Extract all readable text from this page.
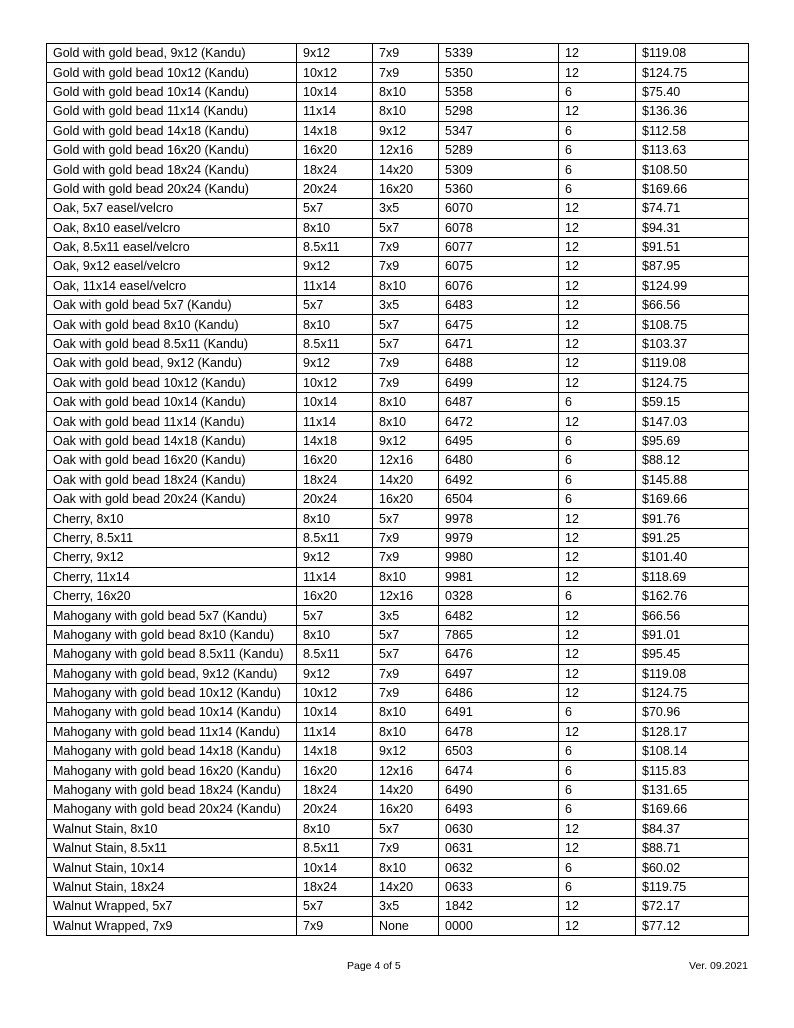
Gold with gold bead, 9x12 (Kandu)	9x12	7x9	5339	12	$119.08
Gold with gold bead 10x12 (Kandu)	10x12	7x9	5350	12	$124.75
Gold with gold bead 10x14 (Kandu)	10x14	8x10	5358	6	$75.40
Gold with gold bead 11x14 (Kandu)	11x14	8x10	5298	12	$136.36
Gold with gold bead 14x18 (Kandu)	14x18	9x12	5347	6	$112.58
Gold with gold bead 16x20 (Kandu)	16x20	12x16	5289	6	$113.63
Gold with gold bead 18x24 (Kandu)	18x24	14x20	5309	6	$108.50
Gold with gold bead 20x24 (Kandu)	20x24	16x20	5360	6	$169.66
Oak, 5x7 easel/velcro	5x7	3x5	6070	12	$74.71
Oak, 8x10 easel/velcro	8x10	5x7	6078	12	$94.31
Oak, 8.5x11 easel/velcro	8.5x11	7x9	6077	12	$91.51
Oak, 9x12 easel/velcro	9x12	7x9	6075	12	$87.95
Oak, 11x14 easel/velcro	11x14	8x10	6076	12	$124.99
Oak with gold bead 5x7 (Kandu)	5x7	3x5	6483	12	$66.56
Oak with gold bead 8x10 (Kandu)	8x10	5x7	6475	12	$108.75
Oak with gold bead 8.5x11 (Kandu)	8.5x11	5x7	6471	12	$103.37
Oak with gold bead, 9x12 (Kandu)	9x12	7x9	6488	12	$119.08
Oak with gold bead 10x12 (Kandu)	10x12	7x9	6499	12	$124.75
Oak with gold bead 10x14 (Kandu)	10x14	8x10	6487	6	$59.15
Oak with gold bead 11x14 (Kandu)	11x14	8x10	6472	12	$147.03
Oak with gold bead 14x18 (Kandu)	14x18	9x12	6495	6	$95.69
Oak with gold bead 16x20 (Kandu)	16x20	12x16	6480	6	$88.12
Oak with gold bead 18x24 (Kandu)	18x24	14x20	6492	6	$145.88
Oak with gold bead 20x24 (Kandu)	20x24	16x20	6504	6	$169.66
Cherry, 8x10	8x10	5x7	9978	12	$91.76
Cherry, 8.5x11	8.5x11	7x9	9979	12	$91.25
Cherry, 9x12	9x12	7x9	9980	12	$101.40
Cherry, 11x14	11x14	8x10	9981	12	$118.69
Cherry, 16x20	16x20	12x16	0328	6	$162.76
Mahogany with gold bead 5x7 (Kandu)	5x7	3x5	6482	12	$66.56
Mahogany with gold bead 8x10 (Kandu)	8x10	5x7	7865	12	$91.01
Mahogany with gold bead 8.5x11 (Kandu)	8.5x11	5x7	6476	12	$95.45
Mahogany with gold bead, 9x12 (Kandu)	9x12	7x9	6497	12	$119.08
Mahogany with gold bead 10x12 (Kandu)	10x12	7x9	6486	12	$124.75
Mahogany with gold bead 10x14 (Kandu)	10x14	8x10	6491	6	$70.96
Mahogany with gold bead 11x14 (Kandu)	11x14	8x10	6478	12	$128.17
Mahogany with gold bead 14x18 (Kandu)	14x18	9x12	6503	6	$108.14
Mahogany with gold bead 16x20 (Kandu)	16x20	12x16	6474	6	$115.83
Mahogany with gold bead 18x24 (Kandu)	18x24	14x20	6490	6	$131.65
Mahogany with gold bead 20x24 (Kandu)	20x24	16x20	6493	6	$169.66
Walnut Stain, 8x10	8x10	5x7	0630	12	$84.37
Walnut Stain, 8.5x11	8.5x11	7x9	0631	12	$88.71
Walnut Stain, 10x14	10x14	8x10	0632	6	$60.02
Walnut Stain, 18x24	18x24	14x20	0633	6	$119.75
Walnut Wrapped, 5x7	5x7	3x5	1842	12	$72.17
Walnut Wrapped, 7x9	7x9	None	0000	12	$77.12
Page 4 of 5	Ver. 09.2021
